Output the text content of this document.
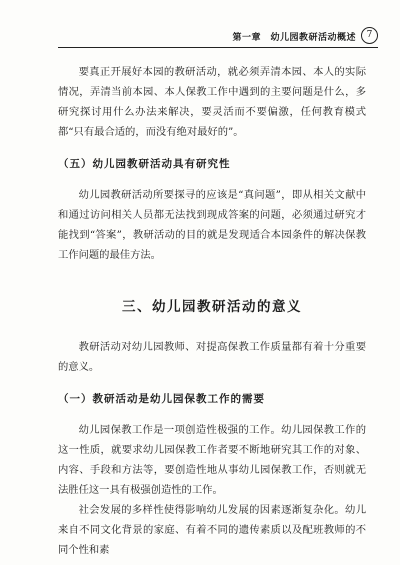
第一章　幼儿园教研活动概述	7

要真正开展好本园的教研活动，就必须弄清本园、本人的实际情况，弄清当前本园、本人保教工作中遇到的主要问题是什么，多研究探讨用什么办法来解决，要灵活而不要偏激，任何教育模式都“只有最合适的，而没有绝对最好的”。

（五）幼儿园教研活动具有研究性

幼儿园教研活动所要探寻的应该是“真问题”，即从相关文献中和通过访问相关人员都无法找到现成答案的问题，必须通过研究才能找到“答案”，教研活动的目的就是发现适合本园条件的解决保教工作问题的最佳方法。

三、幼儿园教研活动的意义

教研活动对幼儿园教师、对提高保教工作质量都有着十分重要的意义。

（一）教研活动是幼儿园保教工作的需要

幼儿园保教工作是一项创造性极强的工作。幼儿园保教工作的这一性质，就要求幼儿园保教工作者要不断地研究其工作的对象、内容、手段和方法等，要创造性地从事幼儿园保教工作，否则就无法胜任这一具有极强创造性的工作。

社会发展的多样性使得影响幼儿发展的因素逐渐复杂化。幼儿来自不同文化背景的家庭、有着不同的遗传素质以及配班教师的不同个性和素
